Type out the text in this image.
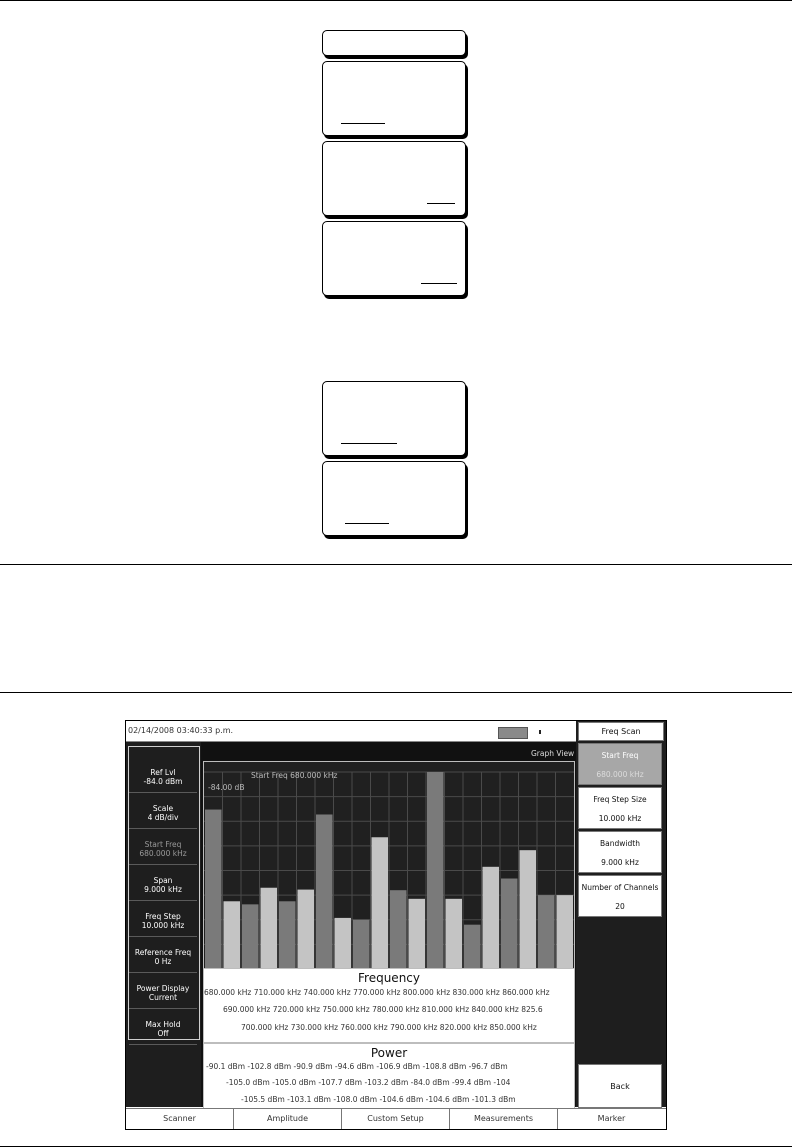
02/14/2008 03:40:33 p.m.
Ref Lvl
-84.0 dBm
Scale
4 dB/div
Start Freq
680.000 kHz
Span
9.000 kHz
Freq Step
10.000 kHz
Reference Freq
0 Hz
Power Display
Current
Max Hold
Off
Graph View
Start Freq 680.000 kHz
-84.00 dB
Frequency
680.000 kHz 710.000 kHz 740.000 kHz 770.000 kHz 800.000 kHz 830.000 kHz 860.000 kHz
690.000 kHz 720.000 kHz 750.000 kHz 780.000 kHz 810.000 kHz 840.000 kHz 825.6
700.000 kHz 730.000 kHz 760.000 kHz 790.000 kHz 820.000 kHz 850.000 kHz
Power
-90.1 dBm -102.8 dBm -90.9 dBm -94.6 dBm -106.9 dBm -108.8 dBm -96.7 dBm
-105.0 dBm -105.0 dBm -107.7 dBm -103.2 dBm -84.0 dBm -99.4 dBm -104
-105.5 dBm -103.1 dBm -108.0 dBm -104.6 dBm -104.6 dBm -101.3 dBm
Freq Scan
Start Freq
680.000 kHz
Freq Step Size
10.000 kHz
Bandwidth
9.000 kHz
Number of Channels
20
Back
Scanner	Amplitude	Custom Setup	Measurements	Marker
